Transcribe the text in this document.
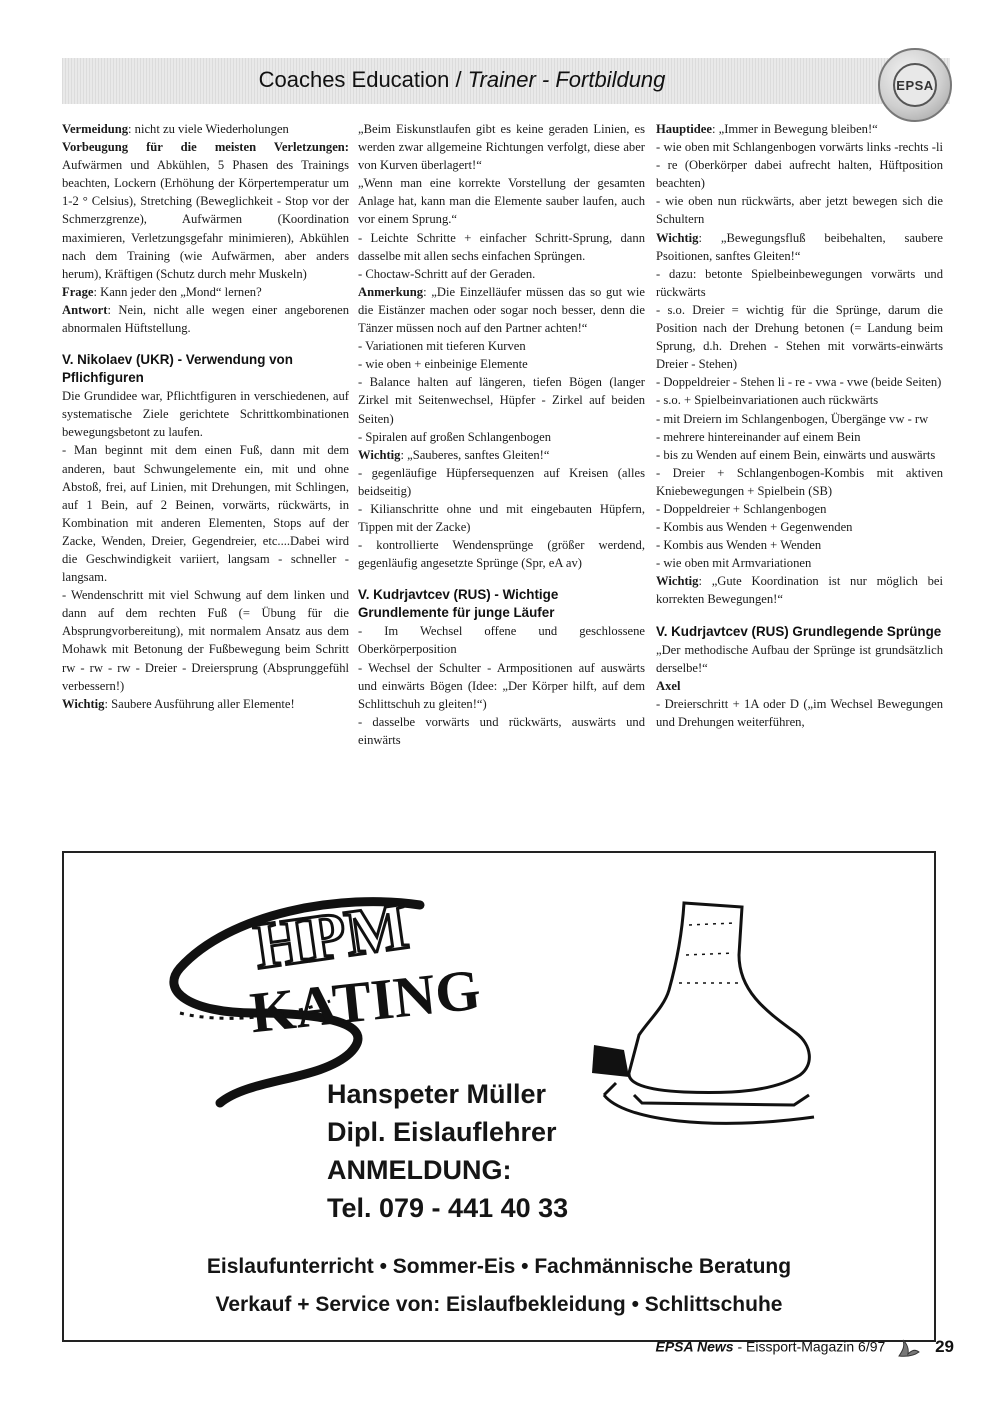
Coaches Education / Trainer - Fortbildung	EPSA

Vermeidung: nicht zu viele Wiederholungen

Vorbeugung für die meisten Verletzungen: Aufwärmen und Abkühlen, 5 Phasen des Trainings beachten, Lockern (Erhöhung der Körpertemperatur um 1-2 ° Celsius), Stretching (Beweglichkeit - Stop vor der Schmerzgrenze), Aufwärmen (Koordination maximieren, Verletzungsgefahr minimieren), Abkühlen nach dem Training (wie Aufwärmen, aber anders herum), Kräftigen (Schutz durch mehr Muskeln)

Frage: Kann jeder den „Mond“ lernen?

Antwort: Nein, nicht alle wegen einer angeborenen abnormalen Hüftstellung.

V. Nikolaev (UKR) - Verwendung von Pflichfiguren

Die Grundidee war, Pflichtfiguren in verschiedenen, auf systematische Ziele gerichtete Schrittkombinationen bewegungsbetont zu laufen.

- Man beginnt mit dem einen Fuß, dann mit dem anderen, baut Schwungelemente ein, mit und ohne Abstoß, frei, auf Linien, mit Drehungen, mit Schlingen, auf 1 Bein, auf 2 Beinen, vorwärts, rückwärts, in Kombination mit anderen Elementen, Stops auf der Zacke, Wenden, Dreier, Gegendreier, etc....Dabei wird die Geschwindigkeit variiert, langsam - schneller -langsam.

- Wendenschritt mit viel Schwung auf dem linken und dann auf dem rechten Fuß (= Übung für die Absprungvorbereitung), mit normalem Ansatz aus dem Mohawk mit Betonung der Fußbewegung beim Schritt rw - rw - rw - Dreier - Dreiersprung (Absprunggefühl verbessern!)

Wichtig: Saubere Ausführung aller Elemente!

„Beim Eiskunstlaufen gibt es keine geraden Linien, es werden zwar allgemeine Richtungen verfolgt, diese aber von Kurven überlagert!“

„Wenn man eine korrekte Vorstellung der gesamten Anlage hat, kann man die Elemente sauber laufen, auch vor einem Sprung.“

- Leichte Schritte + einfacher Schritt-Sprung, dann dasselbe mit allen sechs einfachen Sprüngen.

- Choctaw-Schritt auf der Geraden.

Anmerkung: „Die Einzelläufer müssen das so gut wie die Eistänzer machen oder sogar noch besser, denn die Tänzer müssen noch auf den Partner achten!“

- Variationen mit tieferen Kurven

- wie oben + einbeinige Elemente

- Balance halten auf längeren, tiefen Bögen (langer Zirkel mit Seitenwechsel, Hüpfer - Zirkel auf beiden Seiten)

- Spiralen auf großen Schlangenbogen

Wichtig: „Sauberes, sanftes Gleiten!“

- gegenläufige Hüpfersequenzen auf Kreisen (alles beidseitig)

- Kilianschritte ohne und mit eingebauten Hüpfern, Tippen mit der Zacke)

- kontrollierte Wendensprünge (größer werdend, gegenläufig angesetzte Sprünge (Spr, eA av)

V. Kudrjavtcev (RUS) - Wichtige Grundlemente für junge Läufer

- Im Wechsel offene und geschlossene Oberkörperposition

- Wechsel der Schulter - Armpositionen auf auswärts und einwärts Bögen (Idee: „Der Körper hilft, auf dem Schlittschuh zu gleiten!“)

- dasselbe vorwärts und rückwärts, auswärts und einwärts

Hauptidee: „Immer in Bewegung bleiben!“

- wie oben mit Schlangenbogen vorwärts links -rechts -li - re (Oberkörper dabei aufrecht halten, Hüftposition beachten)

- wie oben nun rückwärts, aber jetzt bewegen sich die Schultern

Wichtig: „Bewegungsfluß beibehalten, saubere Psoitionen, sanftes Gleiten!“

- dazu: betonte Spielbeinbewegungen vorwärts und rückwärts

- s.o. Dreier = wichtig für die Sprünge, darum die Position nach der Drehung betonen (= Landung beim Sprung, d.h. Drehen - Stehen mit vorwärts-einwärts Dreier - Stehen)

- Doppeldreier - Stehen li - re - vwa - vwe (beide Seiten)

- s.o. + Spielbeinvariationen auch rückwärts

- mit Dreiern im Schlangenbogen, Übergänge vw - rw

- mehrere hintereinander auf einem Bein

- bis zu Wenden auf einem Bein, einwärts und auswärts

- Dreier + Schlangenbogen-Kombis mit aktiven Kniebewegungen + Spielbein (SB)

- Doppeldreier + Schlangenbogen

- Kombis aus Wenden + Gegenwenden

- Kombis aus Wenden + Wenden

- wie oben mit Armvariationen

Wichtig: „Gute Koordination ist nur möglich bei korrekten Bewegungen!“

V. Kudrjavtcev (RUS) Grundlegende Sprünge

„Der methodische Aufbau der Sprünge ist grundsätzlich derselbe!“

Axel

- Dreierschritt + 1A oder D („im Wechsel Bewegungen und Drehungen weiterführen,

HPM
KATING
Hanspeter Müller
Dipl. Eislauflehrer
ANMELDUNG:
Tel. 079 - 441 40 33
Eislaufunterricht • Sommer-Eis • Fachmännische Beratung
Verkauf + Service von: Eislaufbekleidung • Schlittschuhe
EPSA News - Eissport-Magazin 6/97	29
